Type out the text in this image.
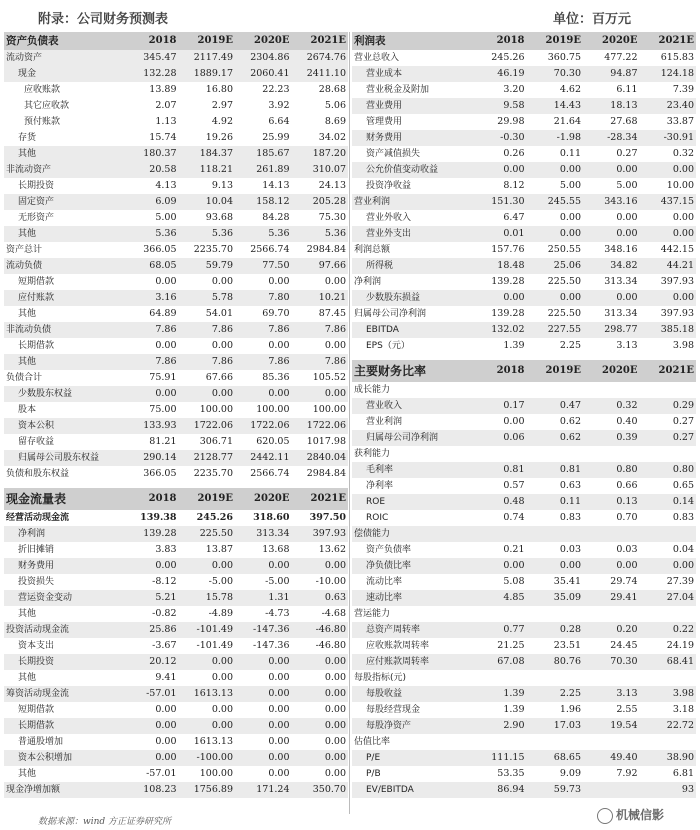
附录：公司财务预测表	单位：百万元
资产负债表	2018	2019E	2020E	2021E
流动资产	345.47	2117.49	2304.86	2674.76
现金	132.28	1889.17	2060.41	2411.10
应收账款	13.89	16.80	22.23	28.68
其它应收款	2.07	2.97	3.92	5.06
预付账款	1.13	4.92	6.64	8.69
存货	15.74	19.26	25.99	34.02
其他	180.37	184.37	185.67	187.20
非流动资产	20.58	118.21	261.89	310.07
长期投资	4.13	9.13	14.13	24.13
固定资产	6.09	10.04	158.12	205.28
无形资产	5.00	93.68	84.28	75.30
其他	5.36	5.36	5.36	5.36
资产总计	366.05	2235.70	2566.74	2984.84
流动负债	68.05	59.79	77.50	97.66
短期借款	0.00	0.00	0.00	0.00
应付账款	3.16	5.78	7.80	10.21
其他	64.89	54.01	69.70	87.45
非流动负债	7.86	7.86	7.86	7.86
长期借款	0.00	0.00	0.00	0.00
其他	7.86	7.86	7.86	7.86
负债合计	75.91	67.66	85.36	105.52
少数股东权益	0.00	0.00	0.00	0.00
股本	75.00	100.00	100.00	100.00
资本公积	133.93	1722.06	1722.06	1722.06
留存收益	81.21	306.71	620.05	1017.98
归属母公司股东权益	290.14	2128.77	2442.11	2840.04
负债和股东权益	366.05	2235.70	2566.74	2984.84
现金流量表	2018	2019E	2020E	2021E
经营活动现金流	139.38	245.26	318.60	397.50
净利润	139.28	225.50	313.34	397.93
折旧摊销	3.83	13.87	13.68	13.62
财务费用	0.00	0.00	0.00	0.00
投资损失	-8.12	-5.00	-5.00	-10.00
营运资金变动	5.21	15.78	1.31	0.63
其他	-0.82	-4.89	-4.73	-4.68
投资活动现金流	25.86	-101.49	-147.36	-46.80
资本支出	-3.67	-101.49	-147.36	-46.80
长期投资	20.12	0.00	0.00	0.00
其他	9.41	0.00	0.00	0.00
筹资活动现金流	-57.01	1613.13	0.00	0.00
短期借款	0.00	0.00	0.00	0.00
长期借款	0.00	0.00	0.00	0.00
普通股增加	0.00	1613.13	0.00	0.00
资本公积增加	0.00	-100.00	0.00	0.00
其他	-57.01	100.00	0.00	0.00
现金净增加额	108.23	1756.89	171.24	350.70
利润表	2018	2019E	2020E	2021E
营业总收入	245.26	360.75	477.22	615.83
营业成本	46.19	70.30	94.87	124.18
营业税金及附加	3.20	4.62	6.11	7.39
营业费用	9.58	14.43	18.13	23.40
管理费用	29.98	21.64	27.68	33.87
财务费用	-0.30	-1.98	-28.34	-30.91
资产减值损失	0.26	0.11	0.27	0.32
公允价值变动收益	0.00	0.00	0.00	0.00
投资净收益	8.12	5.00	5.00	10.00
营业利润	151.30	245.55	343.16	437.15
营业外收入	6.47	0.00	0.00	0.00
营业外支出	0.01	0.00	0.00	0.00
利润总额	157.76	250.55	348.16	442.15
所得税	18.48	25.06	34.82	44.21
净利润	139.28	225.50	313.34	397.93
少数股东损益	0.00	0.00	0.00	0.00
归属母公司净利润	139.28	225.50	313.34	397.93
EBITDA	132.02	227.55	298.77	385.18
EPS（元）	1.39	2.25	3.13	3.98
主要财务比率	2018	2019E	2020E	2021E
成长能力				
营业收入	0.17	0.47	0.32	0.29
营业利润	0.00	0.62	0.40	0.27
归属母公司净利润	0.06	0.62	0.39	0.27
获利能力				
毛利率	0.81	0.81	0.80	0.80
净利率	0.57	0.63	0.66	0.65
ROE	0.48	0.11	0.13	0.14
ROIC	0.74	0.83	0.70	0.83
偿债能力				
资产负债率	0.21	0.03	0.03	0.04
净负债比率	0.00	0.00	0.00	0.00
流动比率	5.08	35.41	29.74	27.39
速动比率	4.85	35.09	29.41	27.04
营运能力				
总资产周转率	0.77	0.28	0.20	0.22
应收账款周转率	21.25	23.51	24.45	24.19
应付账款周转率	67.08	80.76	70.30	68.41
每股指标(元)				
每股收益	1.39	2.25	3.13	3.98
每股经营现金	1.39	1.96	2.55	3.18
每股净资产	2.90	17.03	19.54	22.72
估值比率				
P/E	111.15	68.65	49.40	38.90
P/B	53.35	9.09	7.92	6.81
EV/EBITDA	86.94	59.73		93
数据来源：wind 方正证券研究所	机械信影
